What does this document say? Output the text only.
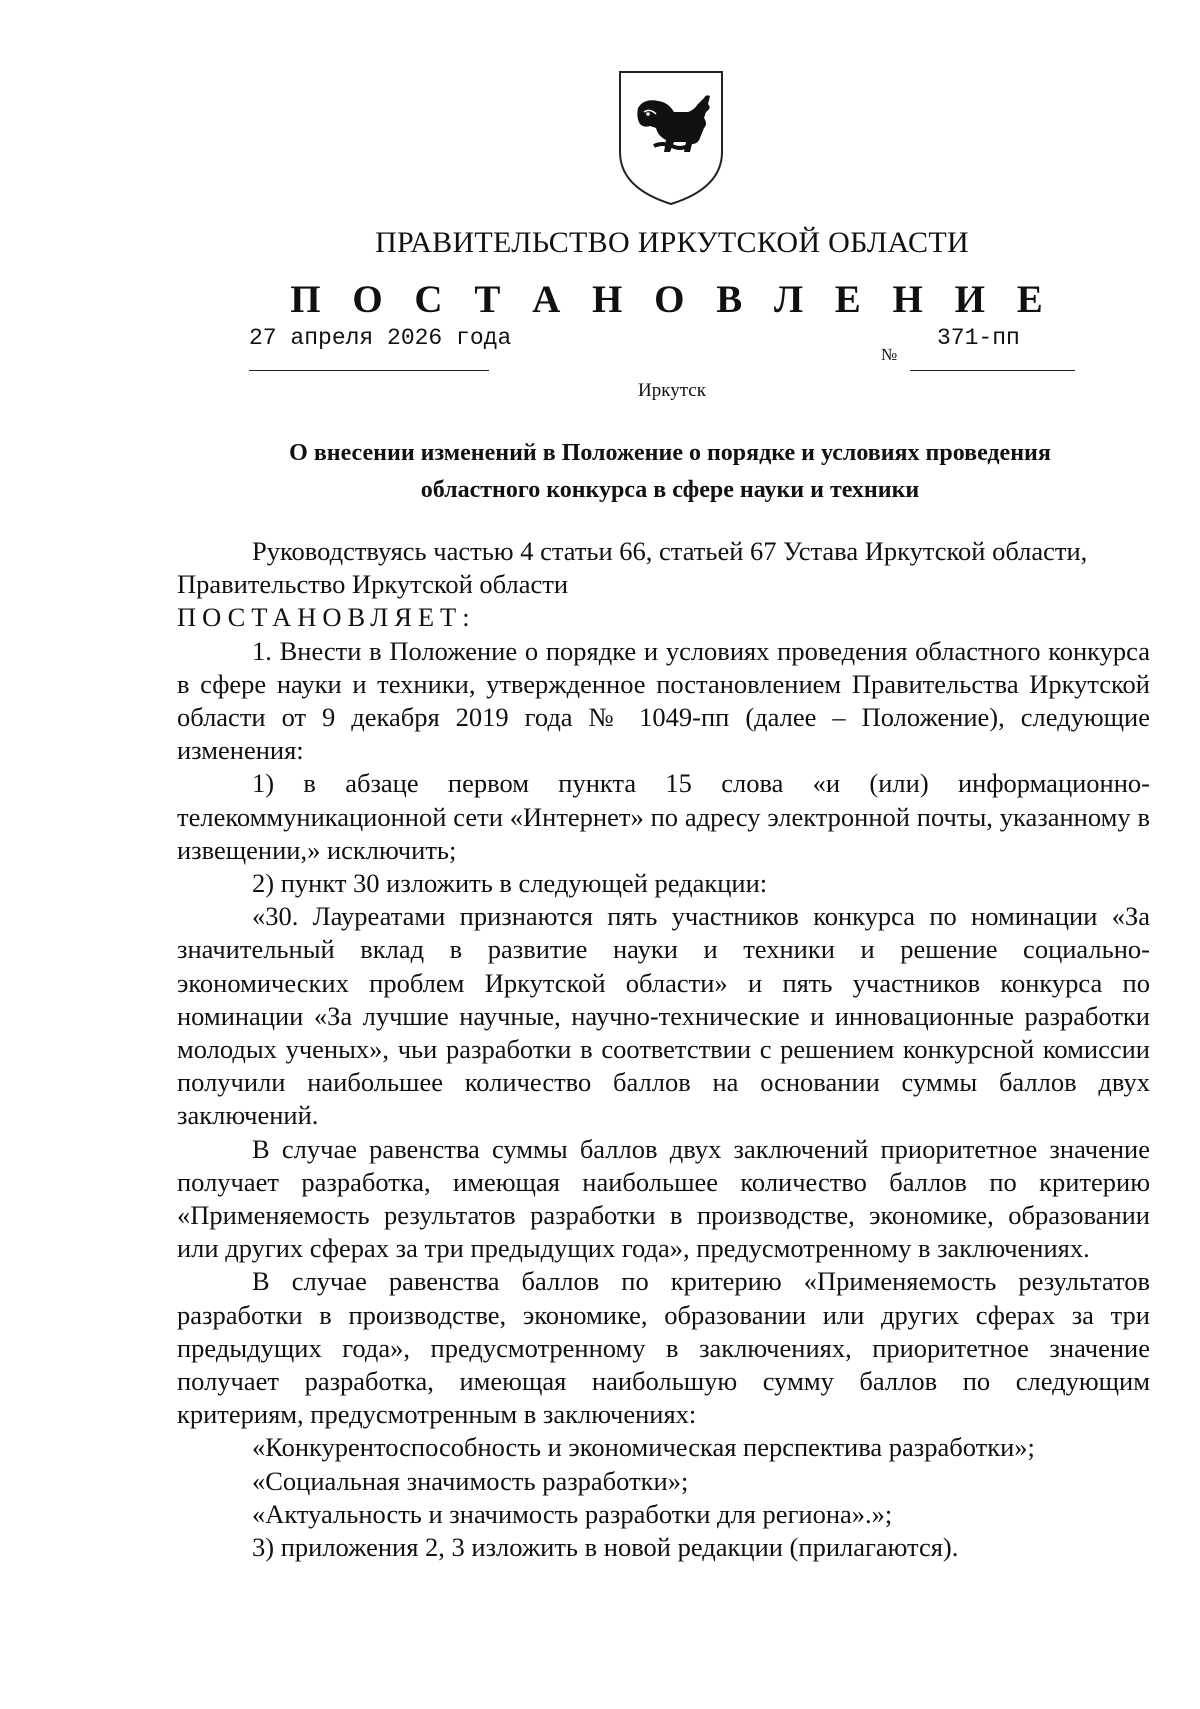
ПРАВИТЕЛЬСТВО ИРКУТСКОЙ ОБЛАСТИ
П О С Т А Н О В Л Е Н И Е
27 апреля 2026 года
№
371-пп
Иркутск
О внесении изменений в Положение о порядке и условиях проведения
областного конкурса в сфере науки и техники

Руководствуясь частью 4 статьи 66, статьей 67 Устава Иркутской области,

Правительство Иркутской области

ПОСТАНОВЛЯЕТ:

1. Внести в Положение о порядке и условиях проведения областного конкурса в сфере науки и техники, утвержденное постановлением Правительства Иркутской области от 9 декабря 2019 года № 1049-пп (далее – Положение), следующие изменения:

1) в абзаце первом пункта 15 слова «и (или) информационно-телекоммуникационной сети «Интернет» по адресу электронной почты, указанному в извещении,» исключить;

2) пункт 30 изложить в следующей редакции:

«30. Лауреатами признаются пять участников конкурса по номинации «За значительный вклад в развитие науки и техники и решение социально-экономических проблем Иркутской области» и пять участников конкурса по номинации «За лучшие научные, научно-технические и инновационные разработки молодых ученых», чьи разработки в соответствии с решением конкурсной комиссии получили наибольшее количество баллов на основании суммы баллов двух заключений.

В случае равенства суммы баллов двух заключений приоритетное значение получает разработка, имеющая наибольшее количество баллов по критерию «Применяемость результатов разработки в производстве, экономике, образовании или других сферах за три предыдущих года», предусмотренному в заключениях.

В случае равенства баллов по критерию «Применяемость результатов разработки в производстве, экономике, образовании или других сферах за три предыдущих года», предусмотренному в заключениях, приоритетное значение получает разработка, имеющая наибольшую сумму баллов по следующим критериям, предусмотренным в заключениях:

«Конкурентоспособность и экономическая перспектива разработки»;

«Социальная значимость разработки»;

«Актуальность и значимость разработки для региона».»;

3) приложения 2, 3 изложить в новой редакции (прилагаются).
